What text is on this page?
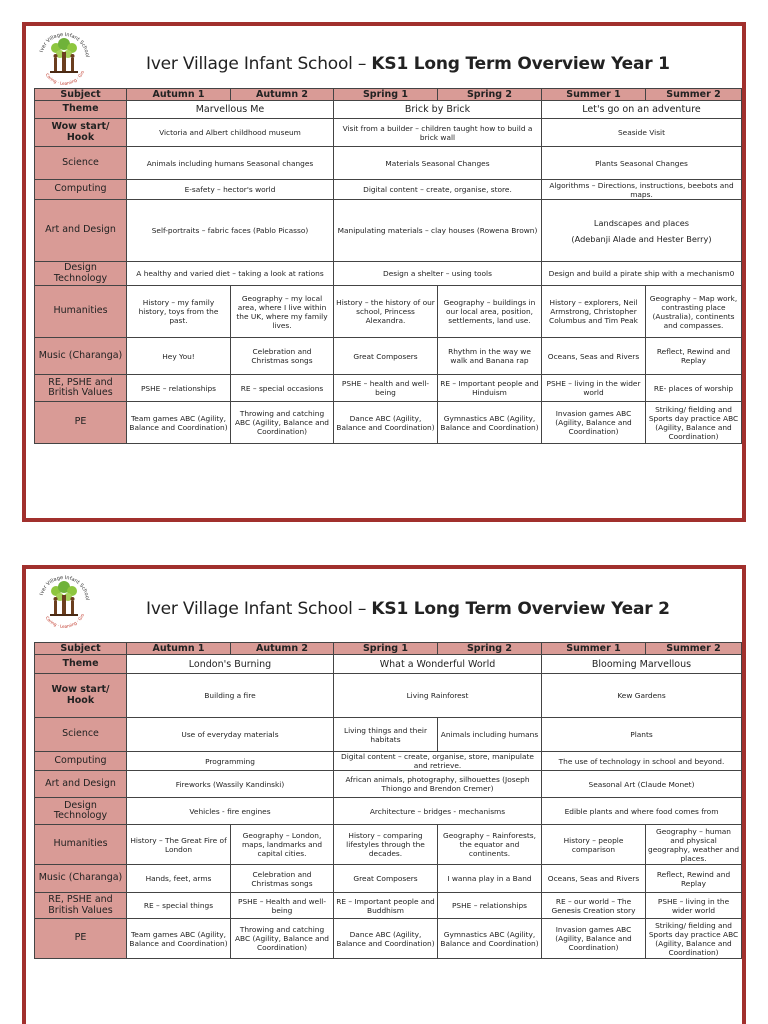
Iver Village Infant School
Caring · Learning · Gro	Iver Village Infant School – KS1 Long Term Overview Year 1
Subject	Autumn 1	Autumn 2	Spring 1	Spring 2	Summer 1	Summer 2
Theme	Marvellous Me		Brick by Brick		Let's go on an adventure	
Wow start/ Hook	Victoria and Albert childhood museum		Visit from a builder – children taught how to build a brick wall		Seaside Visit	
Science	Animals including humans Seasonal changes		Materials Seasonal Changes		Plants Seasonal Changes	
Computing	E-safety – hector's world		Digital content – create, organise, store.		Algorithms – Directions, instructions, beebots and maps.	
Art and Design	Self-portraits – fabric faces (Pablo Picasso)		Manipulating materials – clay houses (Rowena Brown)		Landscapes and places
(Adebanji Alade and Hester Berry)	

Design Technology	A healthy and varied diet – taking a look at rations		Design a shelter – using tools		Design and build a pirate ship with a mechanism0	
Humanities	History – my family history, toys from the past.	Geography – my local area, where I live within the UK, where my family lives.	History – the history of our school, Princess Alexandra.	Geography – buildings in our local area, position, settlements, land use.	History – explorers, Neil Armstrong, Christopher Columbus and Tim Peak	Geography – Map work, contrasting place (Australia), continents and compasses.
Music (Charanga)	Hey You!	Celebration and Christmas songs	Great Composers	Rhythm in the way we walk and Banana rap	Oceans, Seas and Rivers	Reflect, Rewind and Replay
RE, PSHE and British Values	PSHE – relationships	RE – special occasions	PSHE – health and well-being	RE – Important people and Hinduism	PSHE – living in the wider world	RE- places of worship
PE	Team games ABC (Agility, Balance and Coordination)	Throwing and catching ABC (Agility, Balance and Coordination)	Dance ABC (Agility, Balance and Coordination)	Gymnastics ABC (Agility, Balance and Coordination)	Invasion games ABC (Agility, Balance and Coordination)	Striking/ fielding and Sports day practice ABC (Agility, Balance and Coordination)
Iver Village Infant School
Caring · Learning · Gro	Iver Village Infant School – KS1 Long Term Overview Year 2
Subject	Autumn 1	Autumn 2	Spring 1	Spring 2	Summer 1	Summer 2
Theme	London's Burning		What a Wonderful World		Blooming Marvellous	
Wow start/ Hook	Building a fire		Living Rainforest		Kew Gardens	
Science	Use of everyday materials		Living things and their habitats	Animals including humans	Plants	
Computing	Programming		Digital content – create, organise, store, manipulate and retrieve.		The use of technology in school and beyond.	
Art and Design	Fireworks (Wassily Kandinski)		African animals, photography, silhouettes (Joseph Thiongo and Brendon Cremer)		Seasonal Art (Claude Monet)	
Design Technology	Vehicles - fire engines		Architecture – bridges - mechanisms		Edible plants and where food comes from	
Humanities	History – The Great Fire of London	Geography – London, maps, landmarks and capital cities.	History – comparing lifestyles through the decades.	Geography – Rainforests, the equator and continents.	History – people comparison	Geography – human and physical geography, weather and places.
Music (Charanga)	Hands, feet, arms	Celebration and Christmas songs	Great Composers	I wanna play in a Band	Oceans, Seas and Rivers	Reflect, Rewind and Replay
RE, PSHE and British Values	RE – special things	PSHE – Health and well-being	RE – Important people and Buddhism	PSHE – relationships	RE – our world – The Genesis Creation story	PSHE – living in the wider world
PE	Team games ABC (Agility, Balance and Coordination)	Throwing and catching ABC (Agility, Balance and Coordination)	Dance ABC (Agility, Balance and Coordination)	Gymnastics ABC (Agility, Balance and Coordination)	Invasion games ABC (Agility, Balance and Coordination)	Striking/ fielding and Sports day practice ABC (Agility, Balance and Coordination)
